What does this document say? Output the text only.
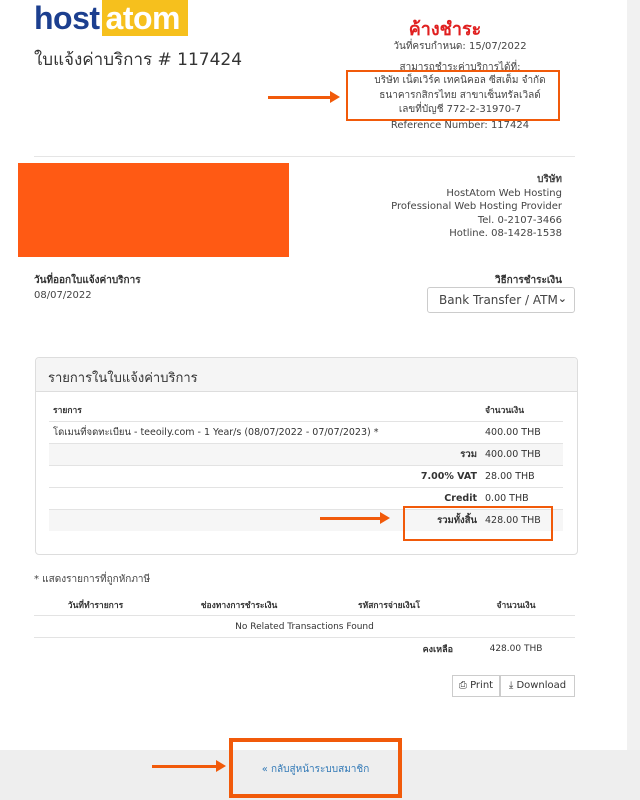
host atom
ใบแจ้งค่าบริการ # 117424
ค้างชำระ
วันที่ครบกำหนด: 15/07/2022
สามารถชำระค่าบริการได้ที่:
บริษัท เน็ตเวิร์ค เทคนิคอล ซีสเต็ม จำกัด
ธนาคารกสิกรไทย สาขาเซ็นทรัลเวิลด์
เลขที่บัญชี 772-2-31970-7
Reference Number: 117424
บริษัท
HostAtom Web Hosting
Professional Web Hosting Provider
Tel. 0-2107-3466
Hotline. 08-1428-1538
วันที่ออกใบแจ้งค่าบริการ
08/07/2022
วิธีการชำระเงิน
Bank Transfer / ATM ⌄
รายการในใบแจ้งค่าบริการ
รายการ	จำนวนเงิน
โดเมนที่จดทะเบียน - teeoily.com - 1 Year/s (08/07/2022 - 07/07/2023) *	400.00 THB
รวม	400.00 THB
7.00% VAT	28.00 THB
Credit	0.00 THB
รวมทั้งสิ้น	428.00 THB
* แสดงรายการที่ถูกหักภาษี
วันที่ทำรายการ	ช่องทางการชำระเงิน	รหัสการจ่ายเงินโ	จำนวนเงิน
No Related Transactions Found			
คงเหลือ			428.00 THB
⎙ Print	⤓ Download
« กลับสู่หน้าระบบสมาชิก
